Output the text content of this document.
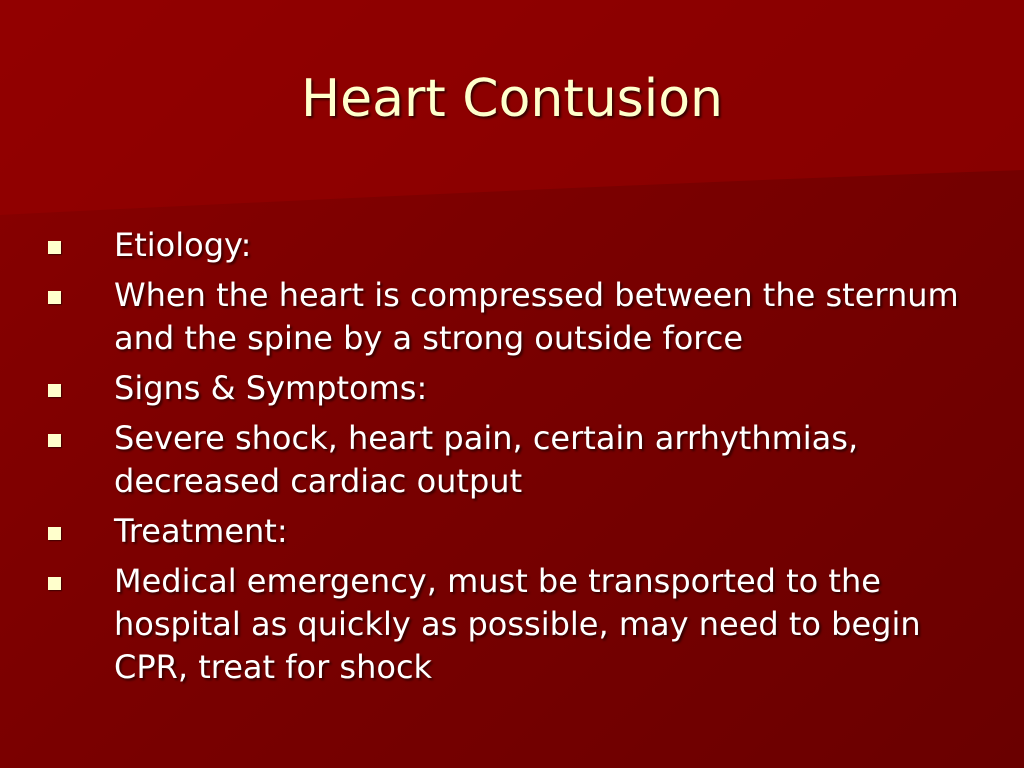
Heart Contusion
Etiology:
When the heart is compressed between the sternum and the spine by a strong outside force
Signs & Symptoms:
Severe shock, heart pain, certain arrhythmias, decreased cardiac output
Treatment:
Medical emergency, must be transported to the hospital as quickly as possible, may need to begin CPR, treat for shock
